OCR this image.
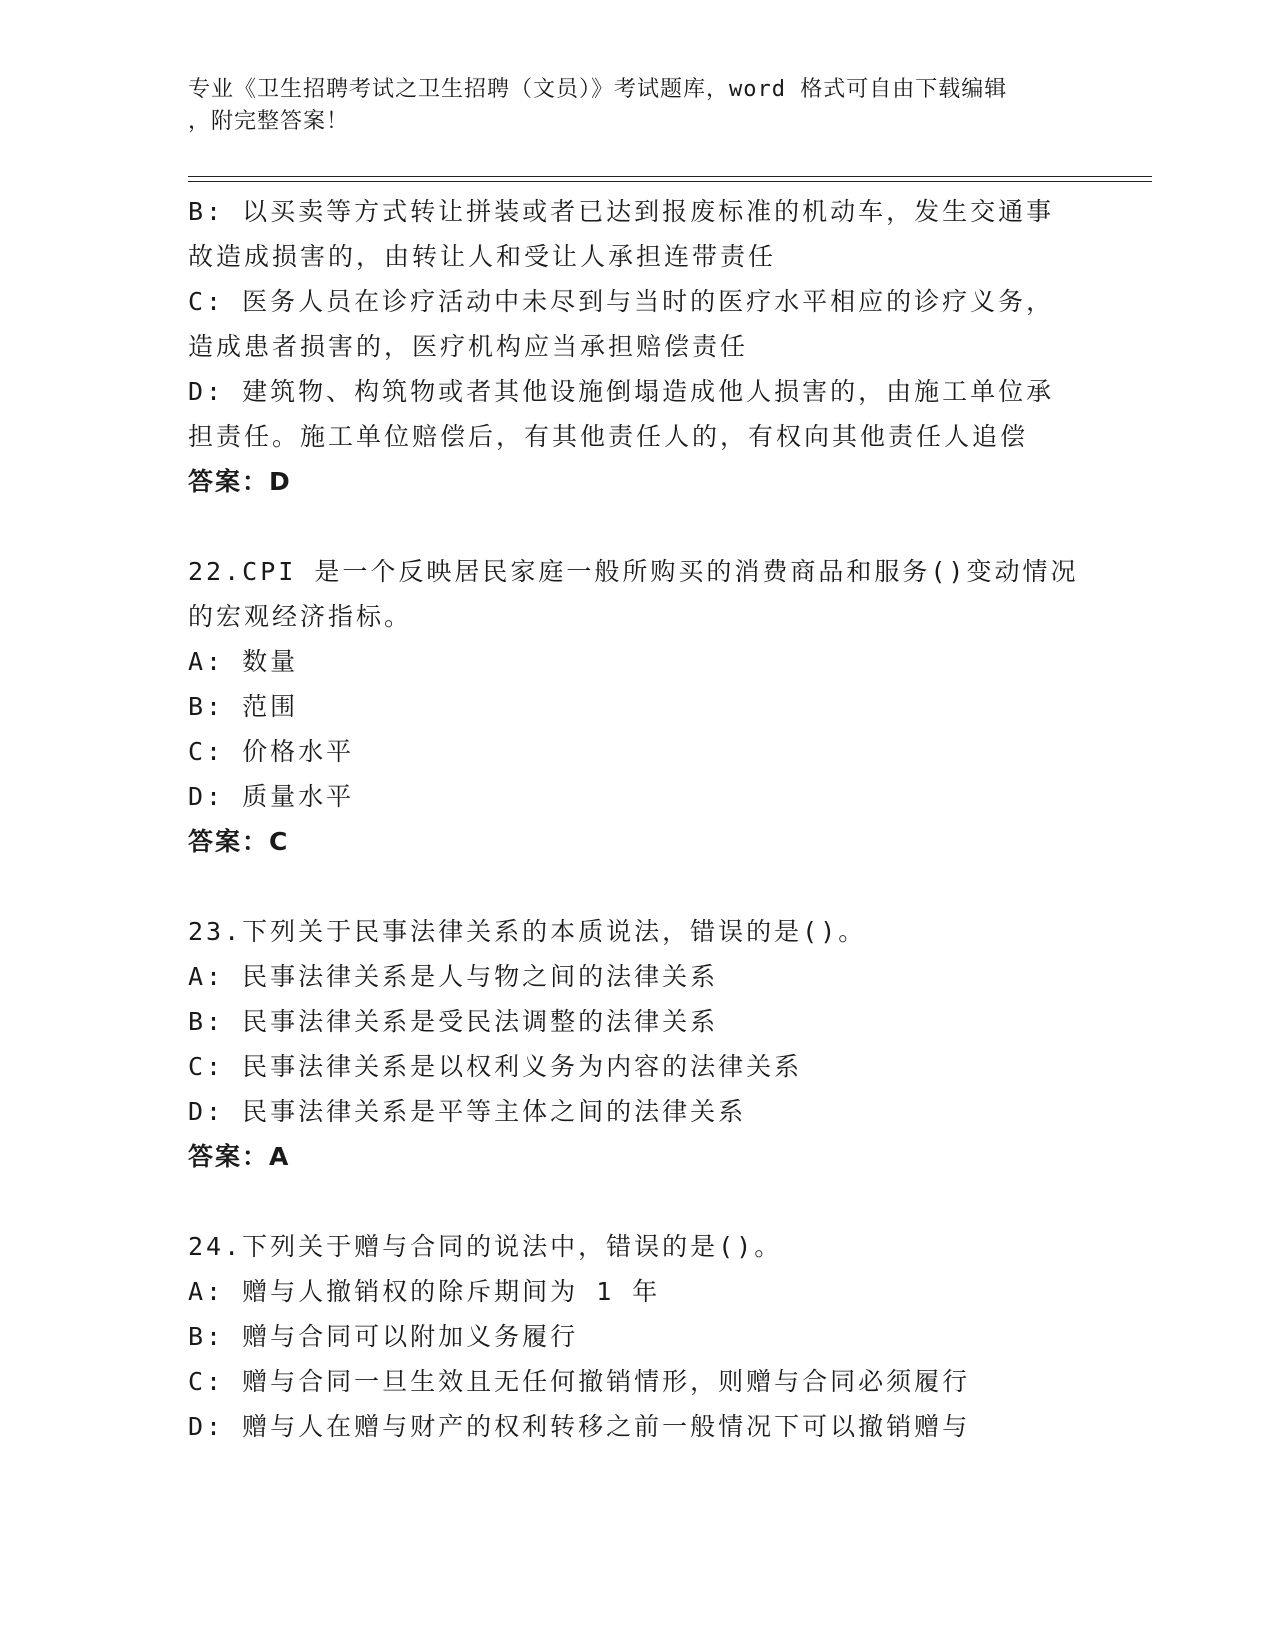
专业《卫生招聘考试之卫生招聘（文员）》考试题库，word 格式可自由下载编辑
，附完整答案！
B: 以买卖等方式转让拼装或者已达到报废标准的机动车，发生交通事
故造成损害的，由转让人和受让人承担连带责任
C: 医务人员在诊疗活动中未尽到与当时的医疗水平相应的诊疗义务，
造成患者损害的，医疗机构应当承担赔偿责任
D: 建筑物、构筑物或者其他设施倒塌造成他人损害的，由施工单位承
担责任。施工单位赔偿后，有其他责任人的，有权向其他责任人追偿
答案：D
22.CPI 是一个反映居民家庭一般所购买的消费商品和服务()变动情况
的宏观经济指标。
A: 数量
B: 范围
C: 价格水平
D: 质量水平
答案：C
23.下列关于民事法律关系的本质说法，错误的是()。
A: 民事法律关系是人与物之间的法律关系
B: 民事法律关系是受民法调整的法律关系
C: 民事法律关系是以权利义务为内容的法律关系
D: 民事法律关系是平等主体之间的法律关系
答案：A
24.下列关于赠与合同的说法中，错误的是()。
A: 赠与人撤销权的除斥期间为 1 年
B: 赠与合同可以附加义务履行
C: 赠与合同一旦生效且无任何撤销情形，则赠与合同必须履行
D: 赠与人在赠与财产的权利转移之前一般情况下可以撤销赠与
